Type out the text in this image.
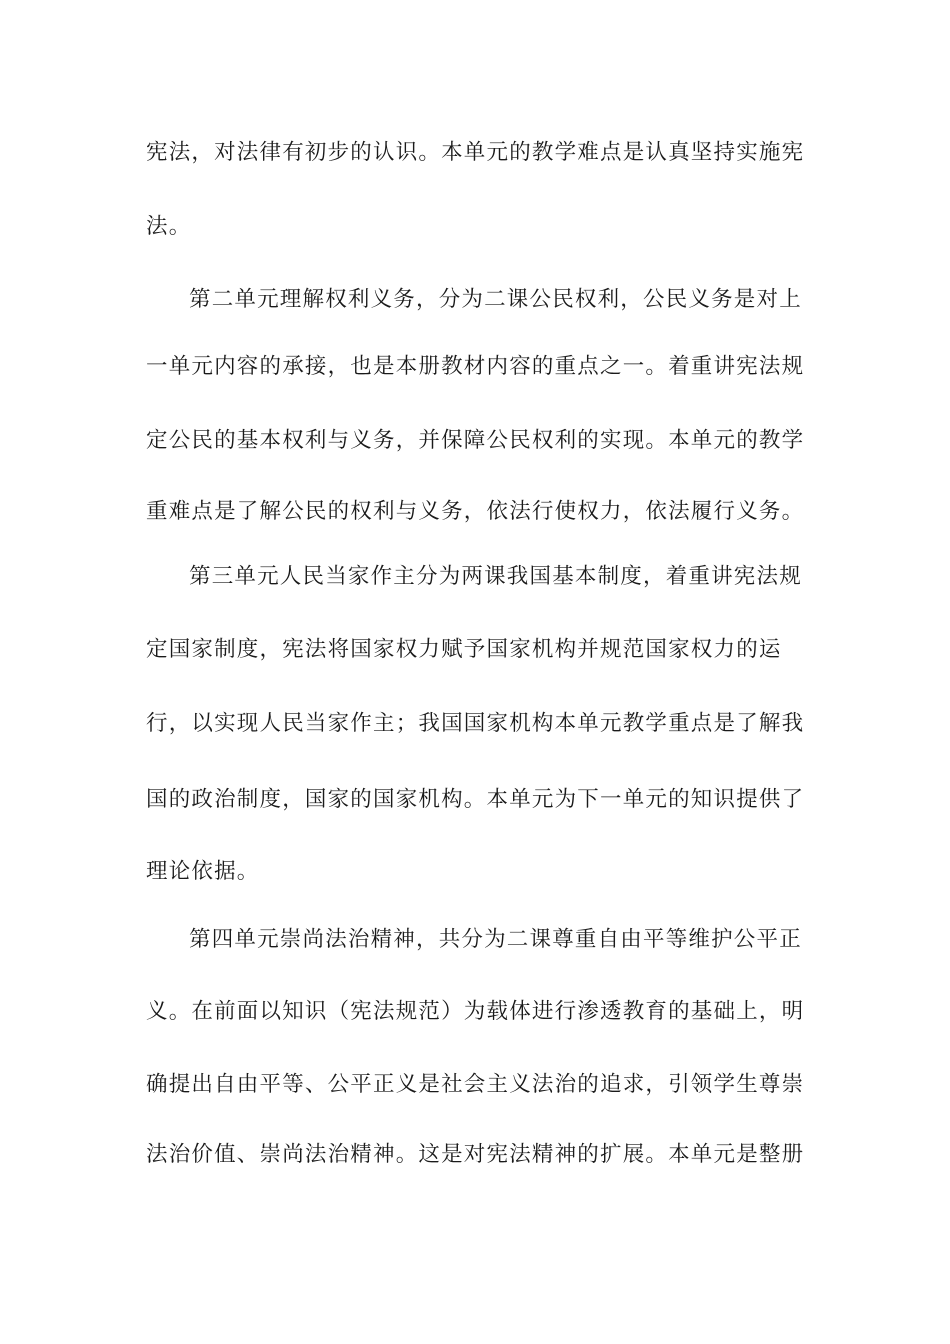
宪法，对法律有初步的认识。本单元的教学难点是认真坚持实施宪
法。
第二单元理解权利义务，分为二课公民权利，公民义务是对上
一单元内容的承接，也是本册教材内容的重点之一。着重讲宪法规
定公民的基本权利与义务，并保障公民权利的实现。本单元的教学
重难点是了解公民的权利与义务，依法行使权力，依法履行义务。
第三单元人民当家作主分为两课我国基本制度，着重讲宪法规
定国家制度，宪法将国家权力赋予国家机构并规范国家权力的运
行，以实现人民当家作主；我国国家机构本单元教学重点是了解我
国的政治制度，国家的国家机构。本单元为下一单元的知识提供了
理论依据。
第四单元崇尚法治精神，共分为二课尊重自由平等维护公平正
义。在前面以知识（宪法规范）为载体进行渗透教育的基础上，明
确提出自由平等、公平正义是社会主义法治的追求，引领学生尊崇
法治价值、崇尚法治精神。这是对宪法精神的扩展。本单元是整册
